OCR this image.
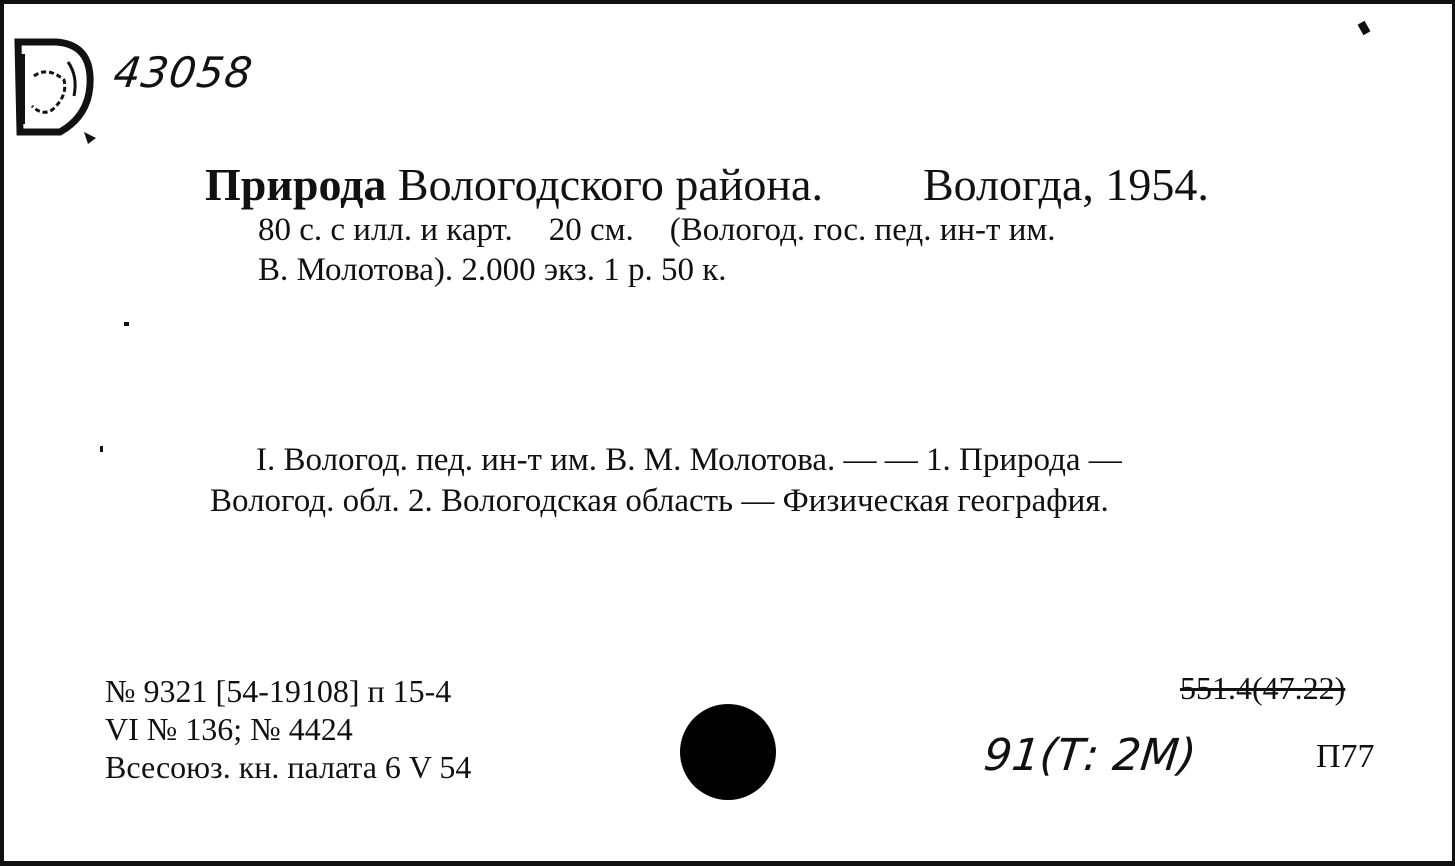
43058
Природа Вологодского района. Вологда, 1954.
80 с. с илл. и карт. 20 см. (Вологод. гос. пед. ин-т им.
В. Молотова). 2.000 экз. 1 р. 50 к.
I. Вологод. пед. ин-т им. В. М. Молотова. — — 1. Природа —
Вологод. обл. 2. Вологодская область — Физическая география.
№ 9321 [54-19108] п 15-4
VI № 136; № 4424
Всесоюз. кн. палата 6 V 54
551.4(47.22)
91(Т: 2М)	П77
